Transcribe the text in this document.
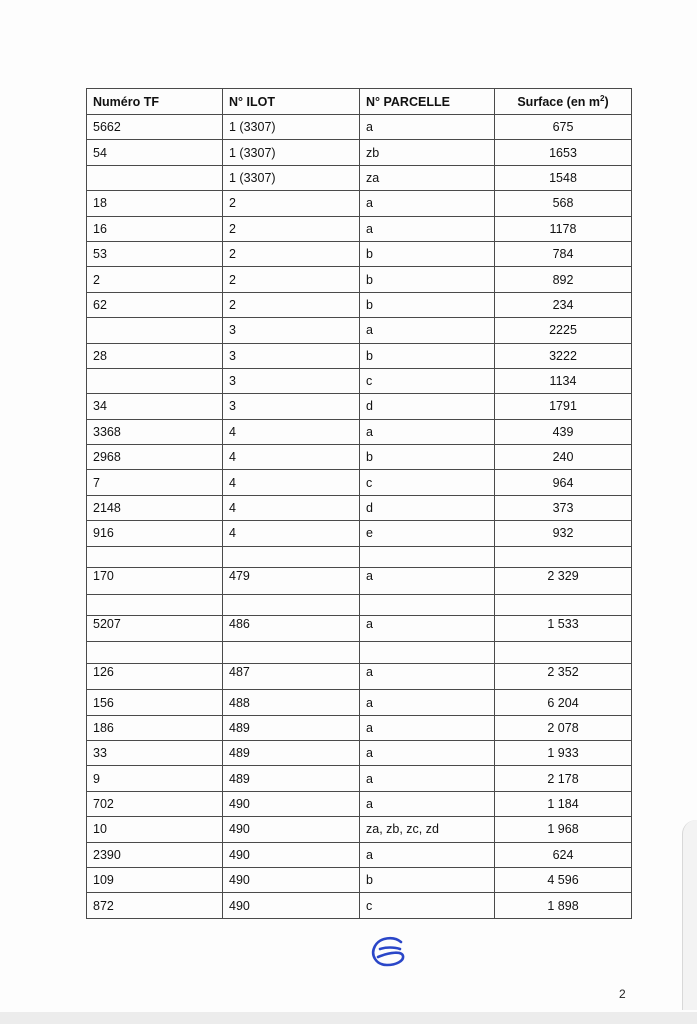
Numéro TF	N° ILOT	N° PARCELLE	Surface (en $m^2$)
5662	1 (3307)	a	675
54	1 (3307)	zb	1653
	1 (3307)	za	1548
18	2	a	568
16	2	a	1178
53	2	b	784
2	2	b	892
62	2	b	234
	3	a	2225
28	3	b	3222
	3	c	1134
34	3	d	1791
3368	4	a	439
2968	4	b	240
7	4	c	964
2148	4	d	373
916	4	e	932

170	479	a	2 329

5207	486	a	1 533

126	487	a	2 352
156	488	a	6 204
186	489	a	2 078
33	489	a	1 933
9	489	a	2 178
702	490	a	1 184
10	490	za, zb, zc, zd	1 968
2390	490	a	624
109	490	b	4 596
872	490	c	1 898
2
